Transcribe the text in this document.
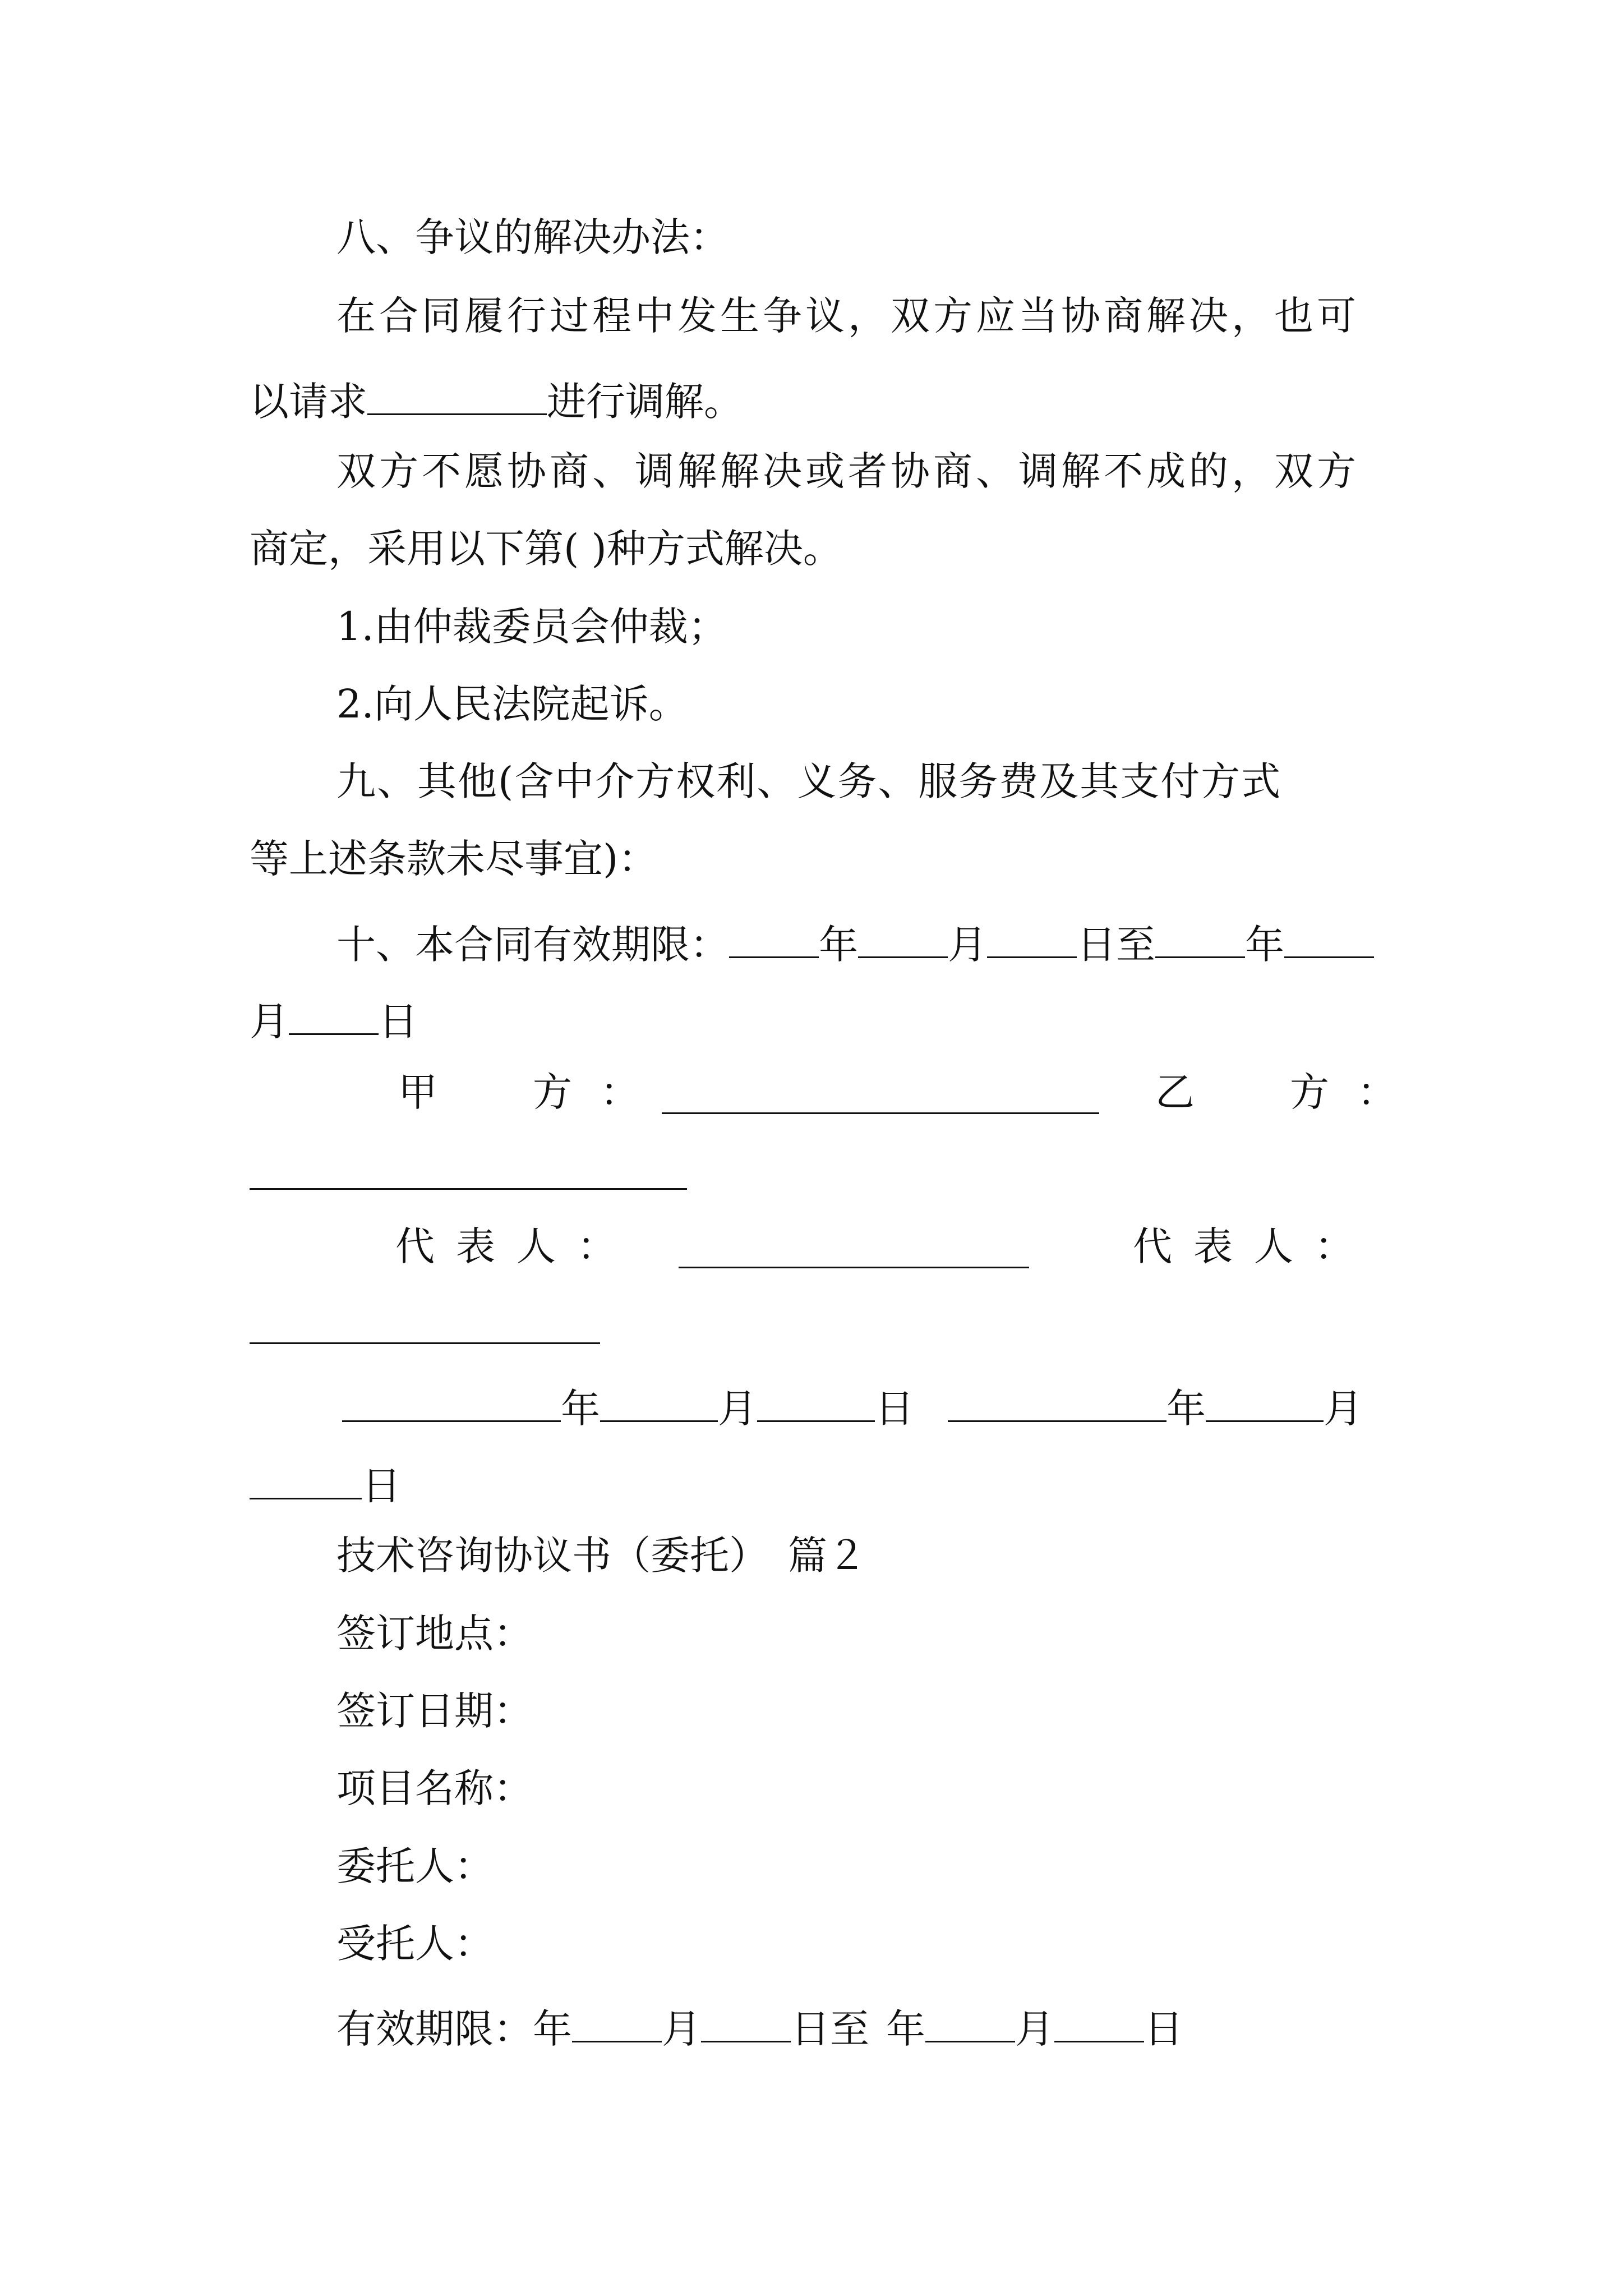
八、争议的解决办法：
在合同履行过程中发生争议，双方应当协商解决，也可
以请求	进行调解。
双方不愿协商、调解解决或者协商、调解不成的，双方
商定，采用以下第( )种方式解决。
1.由仲裁委员会仲裁；
2.向人民法院起诉。
九、其他(含中介方权利、义务、服务费及其支付方式
等上述条款未尽事宜)：
十、本合同有效期限： 年 月 日至 年
月 日
甲　方：	乙　方：
代表人：	代表人：
年	月	日	年	月
日
技术咨询协议书（委托）　篇２
签订地点：
签订日期：
项目名称：
委托人：
受托人：
有效期限：年 月 日至 年 月 日
